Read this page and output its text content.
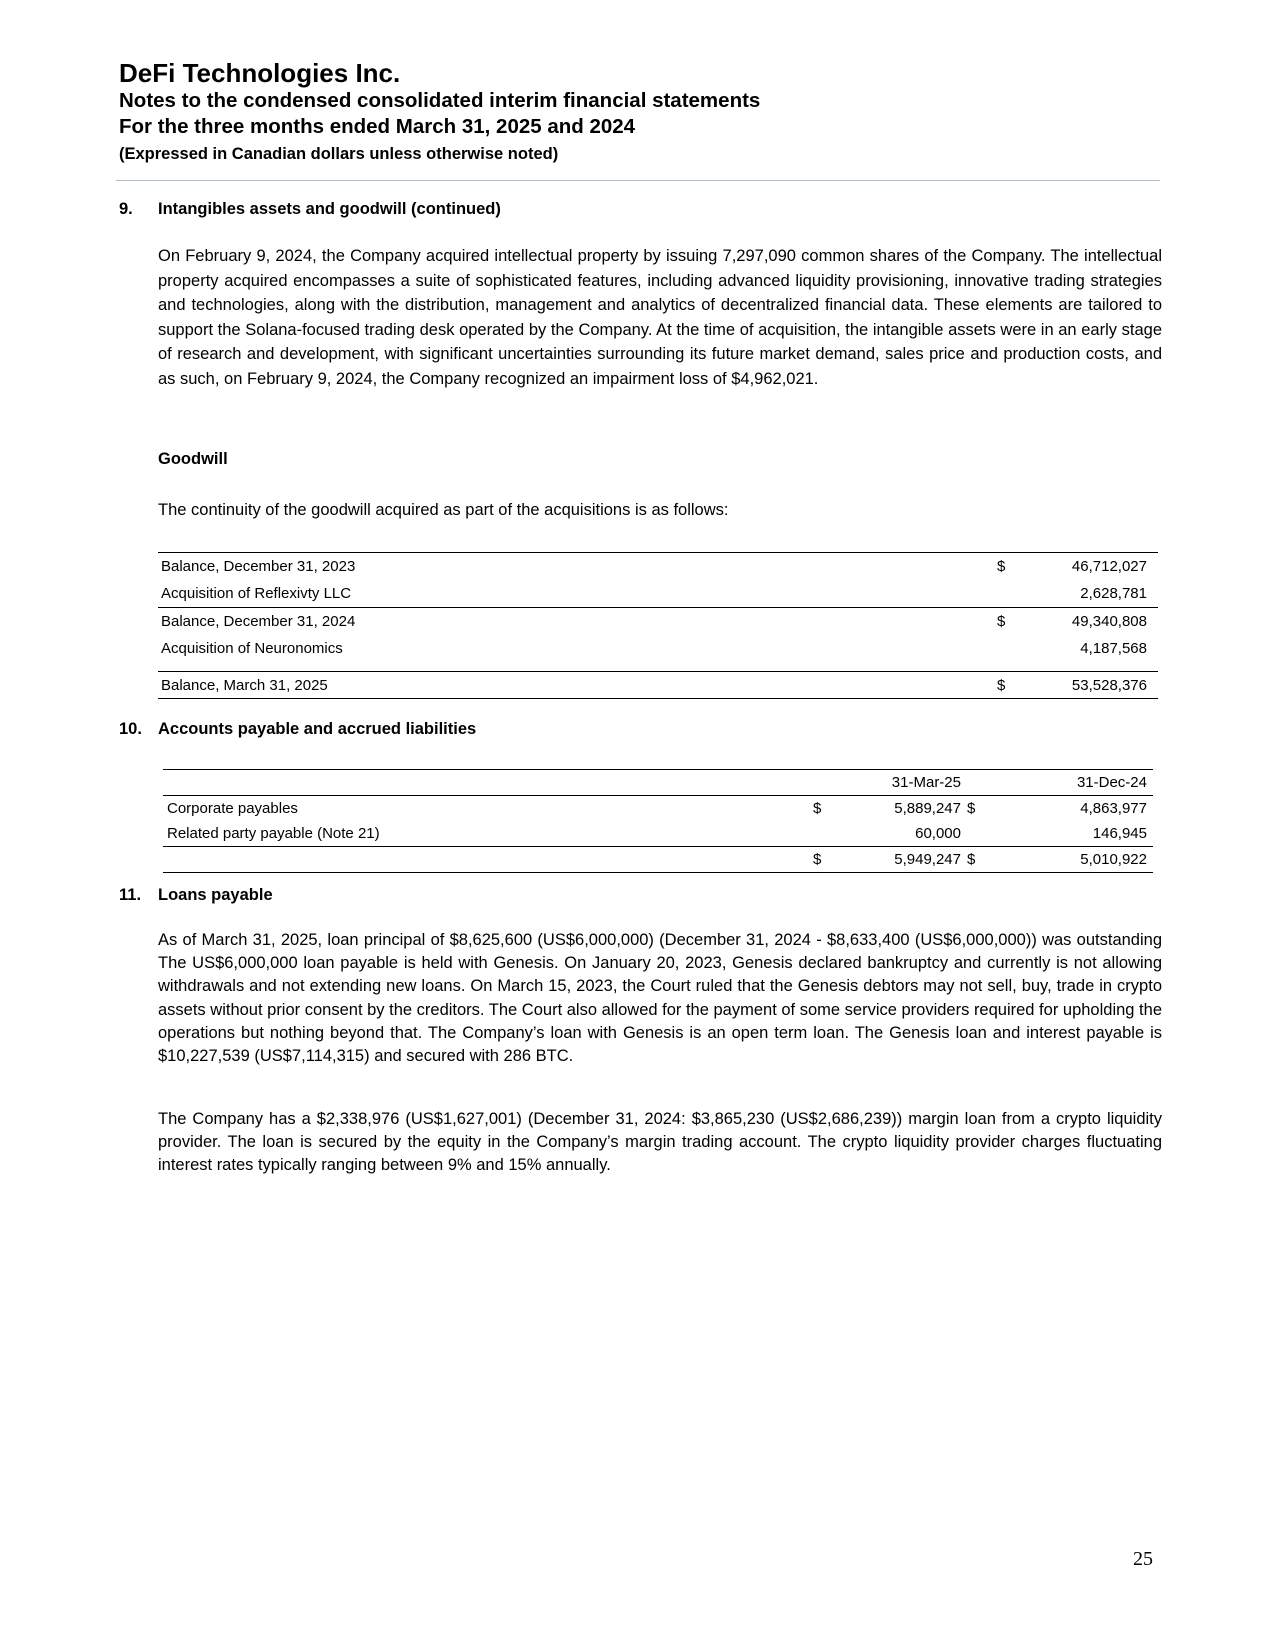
DeFi Technologies Inc.
Notes to the condensed consolidated interim financial statements
For the three months ended March 31, 2025 and 2024
(Expressed in Canadian dollars unless otherwise noted)
9. Intangibles assets and goodwill (continued)
On February 9, 2024, the Company acquired intellectual property by issuing 7,297,090 common shares of the Company. The intellectual property acquired encompasses a suite of sophisticated features, including advanced liquidity provisioning, innovative trading strategies and technologies, along with the distribution, management and analytics of decentralized financial data. These elements are tailored to support the Solana-focused trading desk operated by the Company. At the time of acquisition, the intangible assets were in an early stage of research and development, with significant uncertainties surrounding its future market demand, sales price and production costs, and as such, on February 9, 2024, the Company recognized an impairment loss of $4,962,021.
Goodwill
The continuity of the goodwill acquired as part of the acquisitions is as follows:
Balance, December 31, 2023	$	46,712,027
Acquisition of Reflexivty LLC		2,628,781
Balance, December 31, 2024	$	49,340,808
Acquisition of Neuronomics		4,187,568

Balance, March 31, 2025	$	53,528,376
10. Accounts payable and accrued liabilities
		31-Mar-25		31-Dec-24
Corporate payables	$	5,889,247	$	4,863,977
Related party payable (Note 21)		60,000		146,945
	$	5,949,247	$	5,010,922
11. Loans payable
As of March 31, 2025, loan principal of $8,625,600 (US$6,000,000) (December 31, 2024 - $8,633,400 (US$6,000,000)) was outstanding The US$6,000,000 loan payable is held with Genesis. On January 20, 2023, Genesis declared bankruptcy and currently is not allowing withdrawals and not extending new loans. On March 15, 2023, the Court ruled that the Genesis debtors may not sell, buy, trade in crypto assets without prior consent by the creditors. The Court also allowed for the payment of some service providers required for upholding the operations but nothing beyond that. The Company’s loan with Genesis is an open term loan. The Genesis loan and interest payable is $10,227,539 (US$7,114,315) and secured with 286 BTC.
The Company has a $2,338,976 (US$1,627,001) (December 31, 2024: $3,865,230 (US$2,686,239)) margin loan from a crypto liquidity provider. The loan is secured by the equity in the Company’s margin trading account. The crypto liquidity provider charges fluctuating interest rates typically ranging between 9% and 15% annually.
25
